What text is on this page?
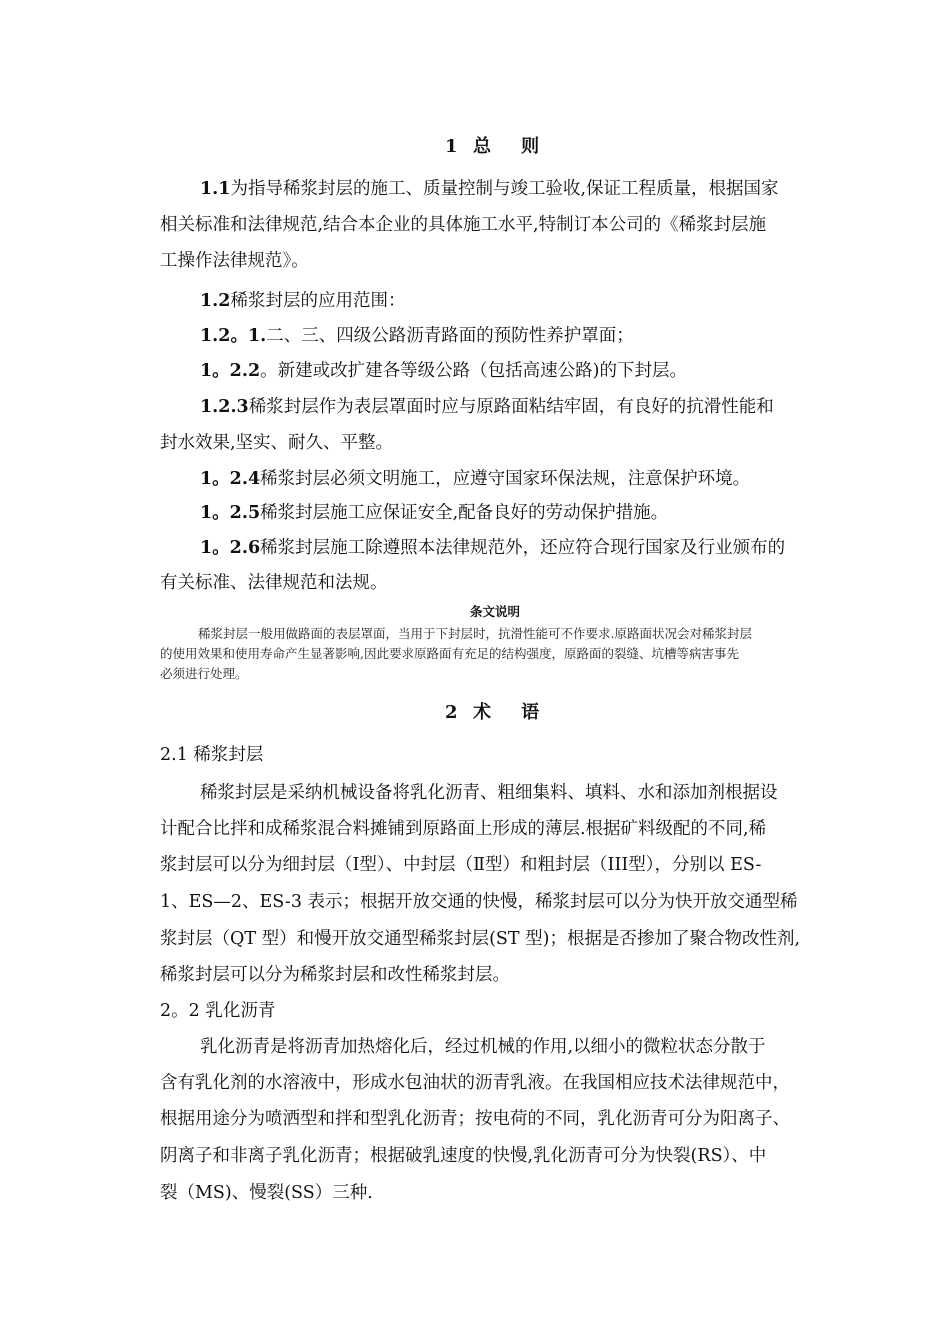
1  总    则
1.1为指导稀浆封层的施工、质量控制与竣工验收,保证工程质量，根据国家
相关标准和法律规范,结合本企业的具体施工水平,特制订本公司的《稀浆封层施
工操作法律规范》。
1.2稀浆封层的应用范围：
1.2。1.二、三、四级公路沥青路面的预防性养护罩面；
1。2.2。新建或改扩建各等级公路（包括高速公路)的下封层。
1.2.3稀浆封层作为表层罩面时应与原路面粘结牢固，有良好的抗滑性能和
封水效果,坚实、耐久、平整。
1。2.4稀浆封层必须文明施工，应遵守国家环保法规，注意保护环境。
1。2.5稀浆封层施工应保证安全,配备良好的劳动保护措施。
1。2.6稀浆封层施工除遵照本法律规范外，还应符合现行国家及行业颁布的
有关标准、法律规范和法规。
条文说明
稀浆封层一般用做路面的表层罩面，当用于下封层时，抗滑性能可不作要求.原路面状况会对稀浆封层
的使用效果和使用寿命产生显著影响,因此要求原路面有充足的结构强度，原路面的裂缝、坑槽等病害事先
必须进行处理。
2  术    语
2.1 稀浆封层
稀浆封层是采纳机械设备将乳化沥青、粗细集料、填料、水和添加剂根据设
计配合比拌和成稀浆混合料摊铺到原路面上形成的薄层.根据矿料级配的不同,稀
浆封层可以分为细封层（Ⅰ型）、中封层（Ⅱ型）和粗封层（III型），分别以 ES-
1、ES—2、ES-3 表示；根据开放交通的快慢，稀浆封层可以分为快开放交通型稀
浆封层（QT 型）和慢开放交通型稀浆封层(ST 型)；根据是否掺加了聚合物改性剂,
稀浆封层可以分为稀浆封层和改性稀浆封层。
2。2 乳化沥青
乳化沥青是将沥青加热熔化后，经过机械的作用,以细小的微粒状态分散于
含有乳化剂的水溶液中，形成水包油状的沥青乳液。在我国相应技术法律规范中，
根据用途分为喷洒型和拌和型乳化沥青；按电荷的不同，乳化沥青可分为阳离子、
阴离子和非离子乳化沥青；根据破乳速度的快慢,乳化沥青可分为快裂(RS）、中
裂（MS)、慢裂(SS）三种.
